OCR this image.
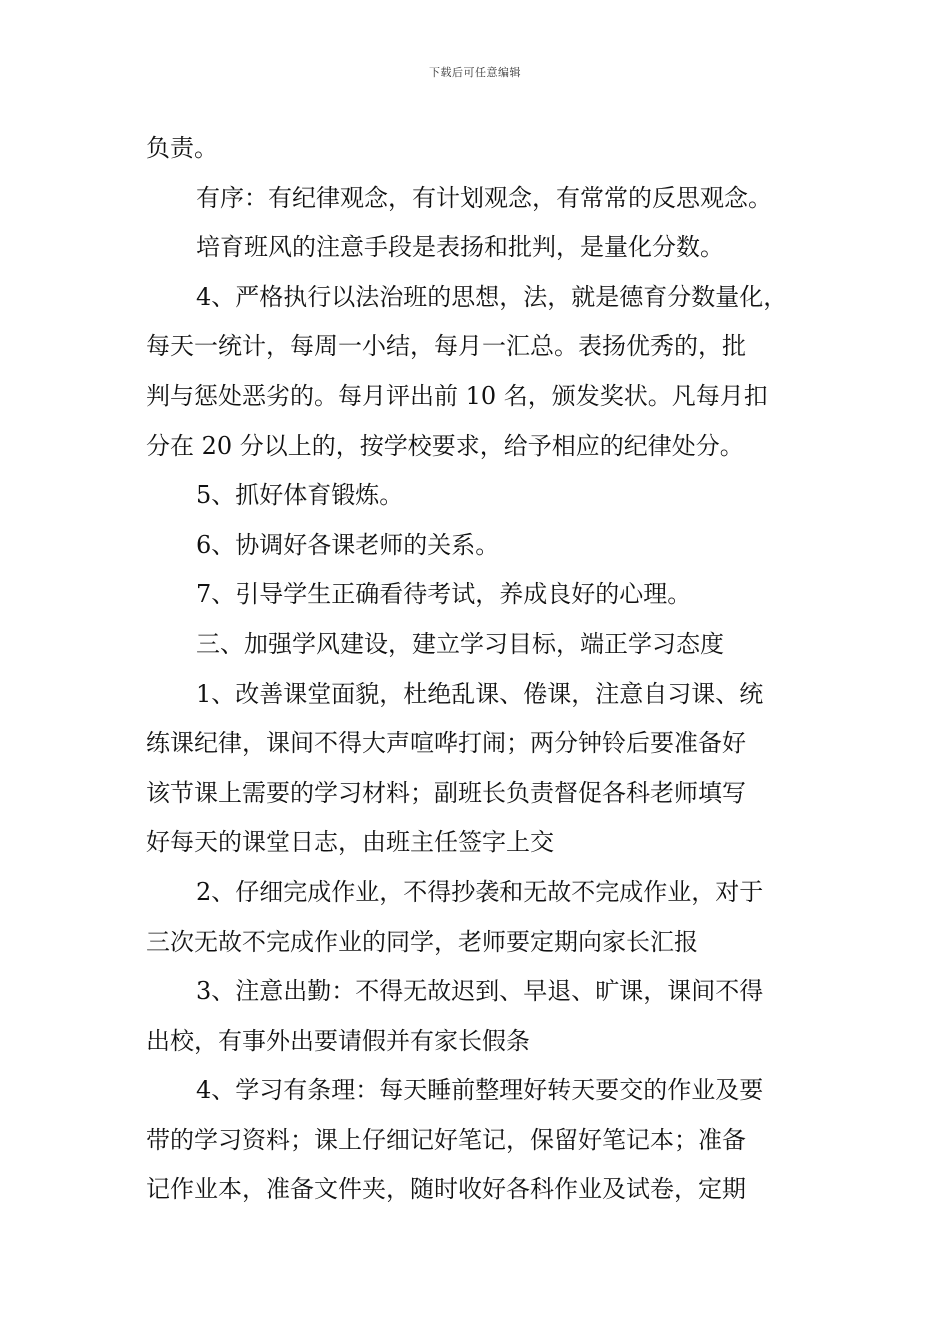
下载后可任意编辑
负责。
有序：有纪律观念，有计划观念，有常常的反思观念。
培育班风的注意手段是表扬和批判，是量化分数。
4、严格执行以法治班的思想，法，就是德育分数量化，
每天一统计，每周一小结，每月一汇总。表扬优秀的，批
判与惩处恶劣的。每月评出前 10 名，颁发奖状。凡每月扣
分在 20 分以上的，按学校要求，给予相应的纪律处分。
5、抓好体育锻炼。
6、协调好各课老师的关系。
7、引导学生正确看待考试，养成良好的心理。
三、加强学风建设，建立学习目标，端正学习态度
1、改善课堂面貌，杜绝乱课、倦课，注意自习课、统
练课纪律，课间不得大声喧哗打闹；两分钟铃后要准备好
该节课上需要的学习材料；副班长负责督促各科老师填写
好每天的课堂日志，由班主任签字上交
2、仔细完成作业，不得抄袭和无故不完成作业，对于
三次无故不完成作业的同学，老师要定期向家长汇报
3、注意出勤：不得无故迟到、早退、旷课，课间不得
出校，有事外出要请假并有家长假条
4、学习有条理：每天睡前整理好转天要交的作业及要
带的学习资料；课上仔细记好笔记，保留好笔记本；准备
记作业本，准备文件夹，随时收好各科作业及试卷，定期
